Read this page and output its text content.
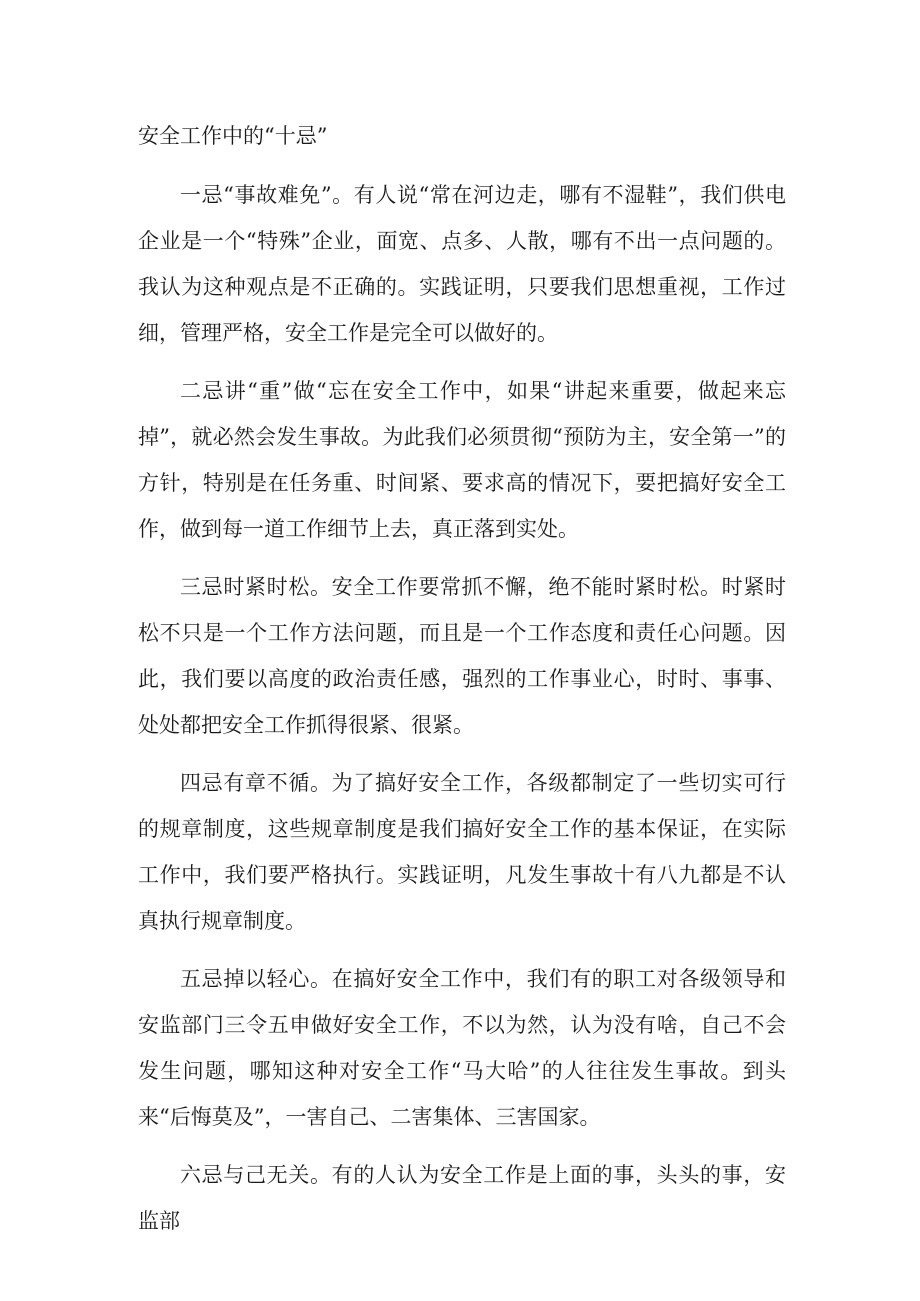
安全工作中的“十忌”

一忌“事故难免”。有人说“常在河边走，哪有不湿鞋”，我们供电企业是一个“特殊”企业，面宽、点多、人散，哪有不出一点问题的。我认为这种观点是不正确的。实践证明，只要我们思想重视，工作过细，管理严格，安全工作是完全可以做好的。

二忌讲“重”做“忘在安全工作中，如果“讲起来重要，做起来忘掉”，就必然会发生事故。为此我们必须贯彻“预防为主，安全第一”的方针，特别是在任务重、时间紧、要求高的情况下，要把搞好安全工作，做到每一道工作细节上去，真正落到实处。

三忌时紧时松。安全工作要常抓不懈，绝不能时紧时松。时紧时松不只是一个工作方法问题，而且是一个工作态度和责任心问题。因此，我们要以高度的政治责任感，强烈的工作事业心，时时、事事、处处都把安全工作抓得很紧、很紧。

四忌有章不循。为了搞好安全工作，各级都制定了一些切实可行的规章制度，这些规章制度是我们搞好安全工作的基本保证，在实际工作中，我们要严格执行。实践证明，凡发生事故十有八九都是不认真执行规章制度。

五忌掉以轻心。在搞好安全工作中，我们有的职工对各级领导和安监部门三令五申做好安全工作，不以为然，认为没有啥，自己不会发生问题，哪知这种对安全工作“马大哈”的人往往发生事故。到头来“后悔莫及”，一害自己、二害集体、三害国家。

六忌与己无关。有的人认为安全工作是上面的事，头头的事，安监部
